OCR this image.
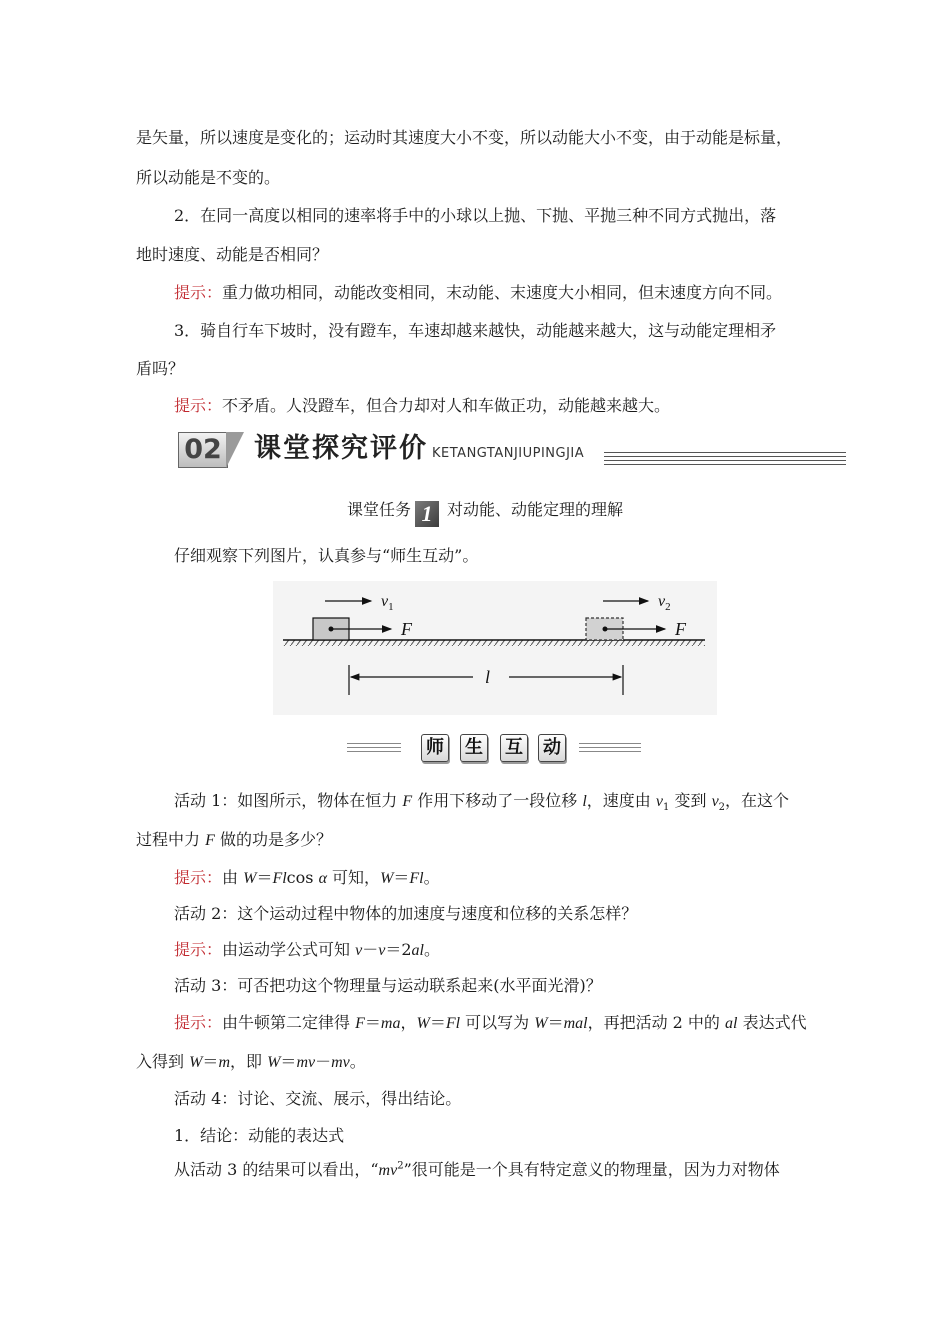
是矢量，所以速度是变化的；运动时其速度大小不变，所以动能大小不变，由于动能是标量，
所以动能是不变的。
2．在同一高度以相同的速率将手中的小球以上抛、下抛、平抛三种不同方式抛出，落
地时速度、动能是否相同？
提示：重力做功相同，动能改变相同，末动能、末速度大小相同，但末速度方向不同。
3．骑自行车下坡时，没有蹬车，车速却越来越快，动能越来越大，这与动能定理相矛
盾吗？
提示：不矛盾。人没蹬车，但合力却对人和车做正功，动能越来越大。
02 课堂探究评价 KETANGTANJIUPINGJIA
课堂任务 1 对动能、动能定理的理解
仔细观察下列图片，认真参与“师生互动”。
F
$v_1$
F
$v_2$
l
师 生 互 动
活动 1：如图所示，物体在恒力 F 作用下移动了一段位移 l，速度由 $v_1$ 变到 $v_2$，在这个
过程中力 F 做的功是多少？
提示：由 W＝Flcos α 可知，W＝Fl。
活动 2：这个运动过程中物体的加速度与速度和位移的关系怎样？
提示：由运动学公式可知 v－v＝2al。
活动 3：可否把功这个物理量与运动联系起来(水平面光滑)？
提示：由牛顿第二定律得 F＝ma，W＝Fl 可以写为 W＝mal，再把活动 2 中的 al 表达式代
入得到 W＝m，即 W＝mv－mv。
活动 4：讨论、交流、展示，得出结论。
1．结论：动能的表达式
从活动 3 的结果可以看出，“$mv^2$”很可能是一个具有特定意义的物理量，因为力对物体
